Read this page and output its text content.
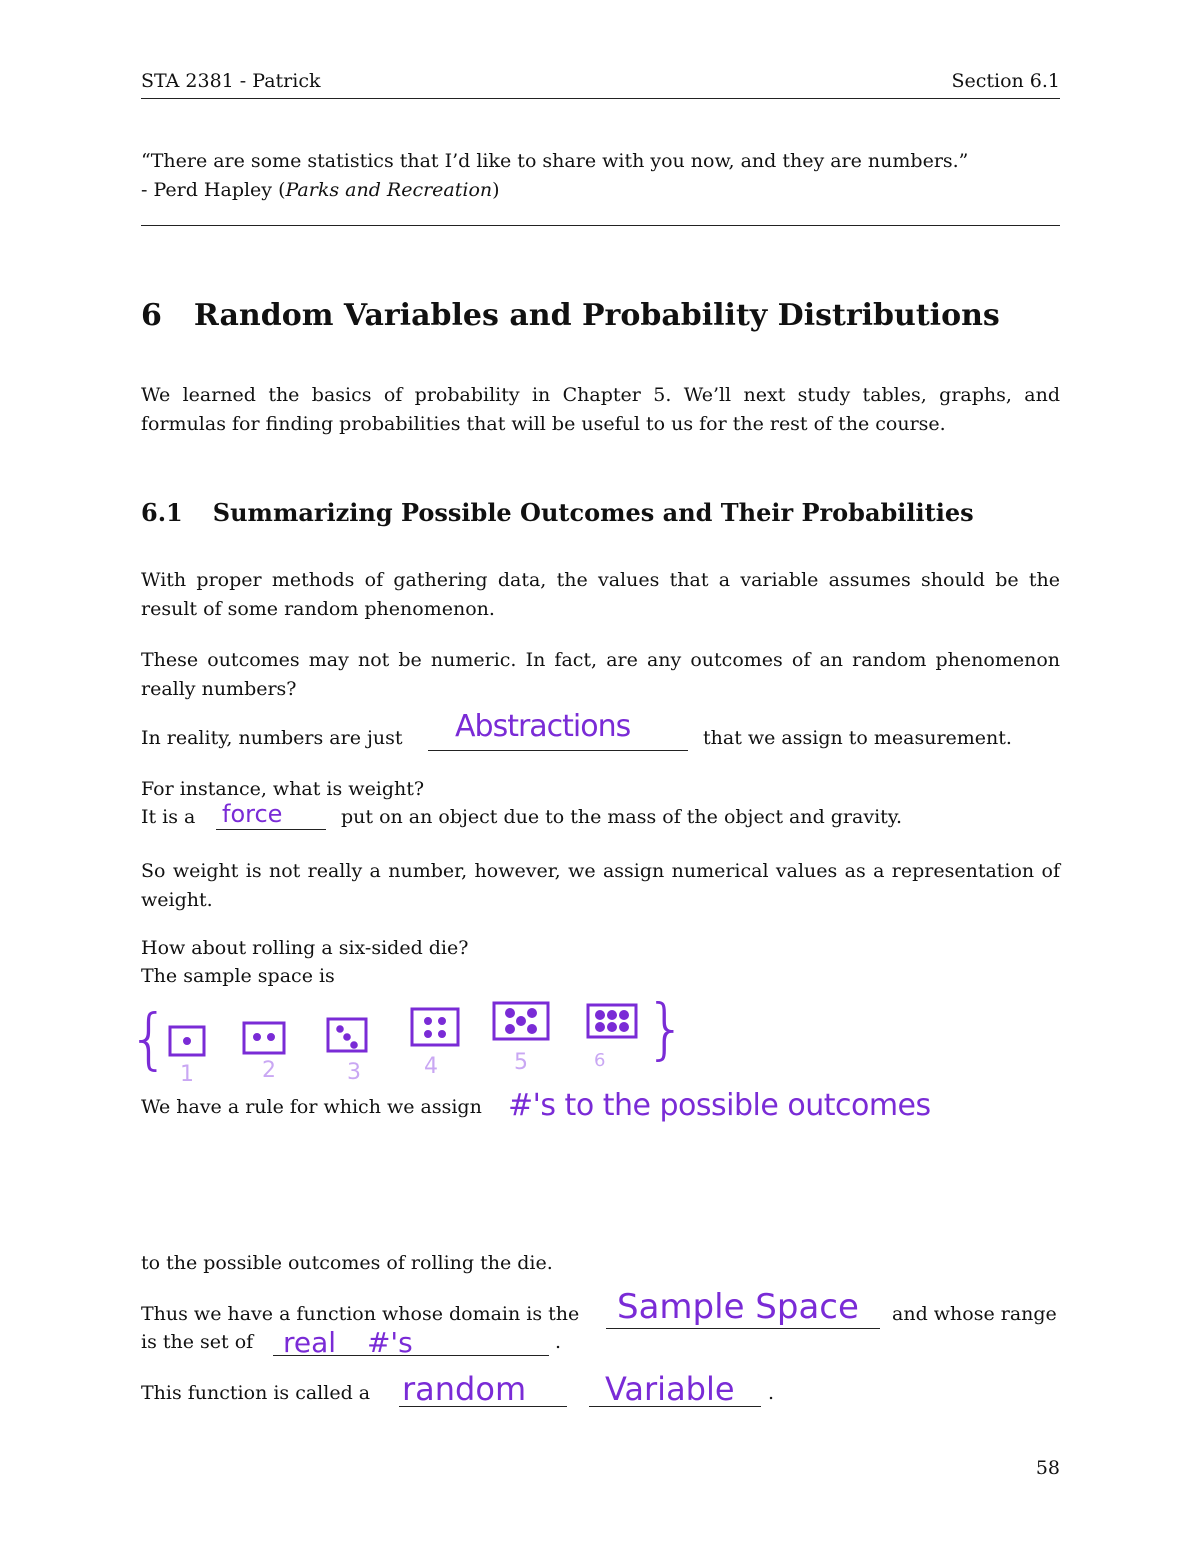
STA 2381 - Patrick	Section 6.1
“There are some statistics that I’d like to share with you now, and they are numbers.”
- Perd Hapley (Parks and Recreation)
6 Random Variables and Probability Distributions
We learned the basics of probability in Chapter 5. We’ll next study tables, graphs, and formulas for finding probabilities that will be useful to us for the rest of the course.
6.1 Summarizing Possible Outcomes and Their Probabilities
With proper methods of gathering data, the values that a variable assumes should be the result of some random phenomenon.
These outcomes may not be numeric. In fact, are any outcomes of an random phenomenon really numbers?
In reality, numbers are just Abstractions	that we assign to measurement.
For instance, what is weight?
It is a force	put on an object due to the mass of the object and gravity.
So weight is not really a number, however, we assign numerical values as a representation of weight.
How about rolling a six-sided die?
The sample space is
{	}
1	2	3	4	5	6
We have a rule for which we assign #'s to the possible outcomes
to the possible outcomes of rolling the die.
Thus we have a function whose domain is the Sample Space and whose range
is the set of real #'s	.
This function is called a random Variable .
58
